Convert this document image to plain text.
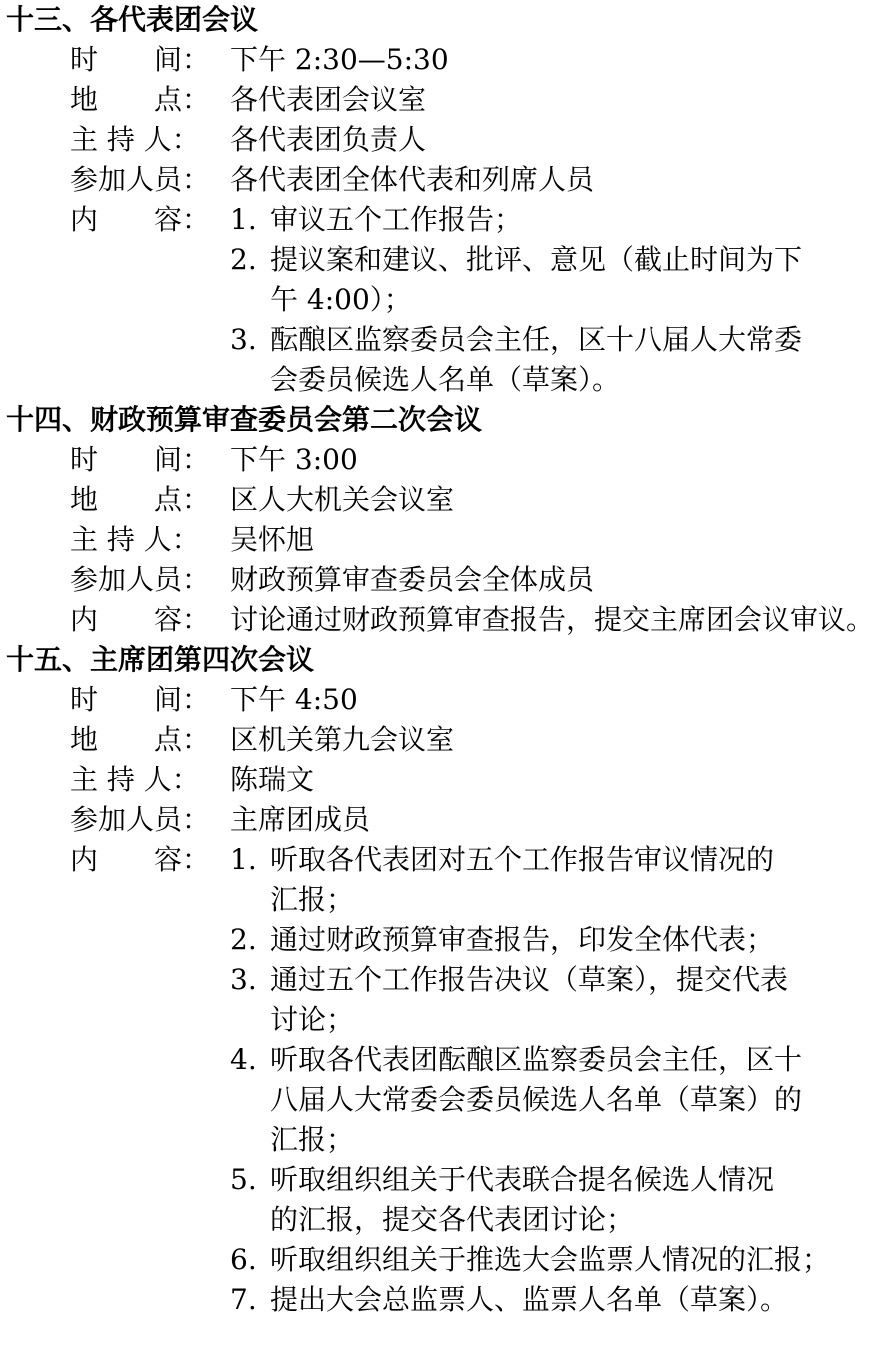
十三、各代表团会议
时　　间： 下午 2:30—5:30
地　　点： 各代表团会议室
主 持 人：	各代表团负责人
参加人员： 各代表团全体代表和列席人员
内　　容： 1. 审议五个工作报告；
2. 提议案和建议、批评、意见（截止时间为下
午 4:00）；
3. 酝酿区监察委员会主任，区十八届人大常委
会委员候选人名单（草案）。
十四、财政预算审查委员会第二次会议
时　　间： 下午 3:00
地　　点： 区人大机关会议室
主 持 人：	吴怀旭
参加人员： 财政预算审查委员会全体成员
内　　容： 讨论通过财政预算审查报告，提交主席团会议审议。
十五、主席团第四次会议
时　　间： 下午 4:50
地　　点： 区机关第九会议室
主 持 人：	陈瑞文
参加人员： 主席团成员
内　　容： 1. 听取各代表团对五个工作报告审议情况的
汇报；
2. 通过财政预算审查报告，印发全体代表；
3. 通过五个工作报告决议（草案），提交代表
讨论；
4. 听取各代表团酝酿区监察委员会主任，区十
八届人大常委会委员候选人名单（草案）的
汇报；
5. 听取组织组关于代表联合提名候选人情况
的汇报，提交各代表团讨论；
6. 听取组织组关于推选大会监票人情况的汇报；
7. 提出大会总监票人、监票人名单（草案）。
